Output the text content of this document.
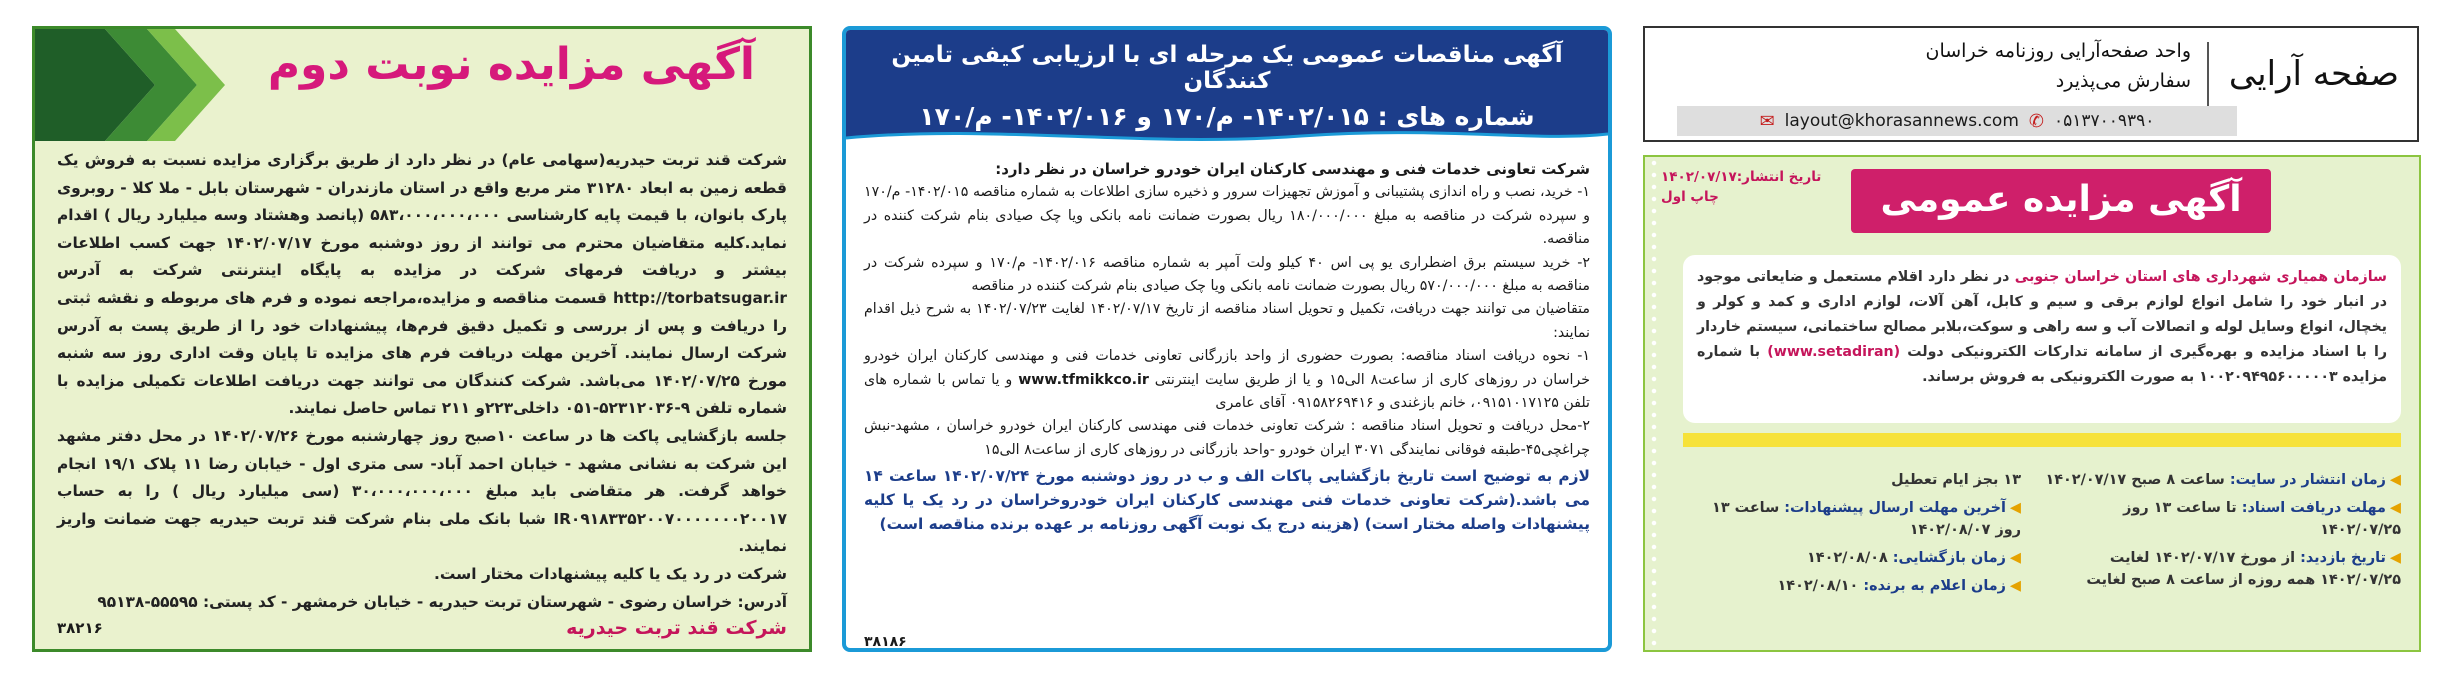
آگهی مزایده نوبت دوم

شرکت قند تربت حیدریه(سهامی عام) در نظر دارد از طریق برگزاری مزایده نسبت به فروش یک قطعه زمین به ابعاد ۳۱۲۸۰ متر مربع واقع در استان مازندران - شهرستان بابل - ملا کلا - روبروی پارک بانوان، با قیمت پایه کارشناسی ۵۸۳،۰۰۰،۰۰۰،۰۰۰ (پانصد وهشتاد وسه میلیارد ریال ) اقدام نماید.کلیه متقاضیان محترم می توانند از روز دوشنبه مورخ ۱۴۰۲/۰۷/۱۷ جهت کسب اطلاعات بیشتر و دریافت فرمهای شرکت در مزایده به پایگاه اینترنتی شرکت به آدرس http://torbatsugar.ir قسمت مناقصه و مزایده،مراجعه نموده و فرم های مربوطه و نقشه ثبتی را دریافت و پس از بررسی و تکمیل دقیق فرم‌ها، پیشنهادات خود را از طریق پست به آدرس شرکت ارسال نمایند. آخرین مهلت دریافت فرم های مزایده تا پایان وقت اداری روز سه شنبه مورخ ۱۴۰۲/۰۷/۲۵ می‌باشد. شرکت کنندگان می توانند جهت دریافت اطلاعات تکمیلی مزایده با شماره تلفن ۹-۵۲۳۱۲۰۳۶-۰۵۱ داخلی۲۲۳و ۲۱۱ تماس حاصل نمایند.

جلسه بازگشایی پاکت ها در ساعت ۱۰صبح روز چهارشنبه مورخ ۱۴۰۲/۰۷/۲۶ در محل دفتر مشهد این شرکت به نشانی مشهد - خیابان احمد آباد- سی متری اول - خیابان رضا ۱۱ پلاک ۱۹/۱ انجام خواهد گرفت. هر متقاضی باید مبلغ ۳۰،۰۰۰،۰۰۰،۰۰۰ (سی میلیارد ریال ) را به حساب IR۰۹۱۸۳۳۵۲۰۰۷۰۰۰۰۰۰۰۲۰۰۱۷ شبا بانک ملی بنام شرکت قند تربت حیدریه جهت ضمانت واریز نمایند.

شرکت در رد یک یا کلیه پیشنهادات مختار است.

آدرس: خراسان رضوی - شهرستان تربت حیدریه - خیابان خرمشهر - کد پستی: ۵۵۵۹۵-۹۵۱۳۸

شرکت قند تربت حیدریه
۳۸۲۱۶
آگهی مناقصات عمومی یک مرحله ای با ارزیابی کیفی تامین کنندگان
شماره های : ۱۴۰۲/۰۱۵- م/۱۷۰ و ۱۴۰۲/۰۱۶- م/۱۷۰

شرکت تعاونی خدمات فنی و مهندسی کارکنان ایران خودرو خراسان در نظر دارد:

۱- خرید، نصب و راه اندازی پشتیبانی و آموزش تجهیزات سرور و ذخیره سازی اطلاعات به شماره مناقصه ۱۴۰۲/۰۱۵- م/۱۷۰ و سپرده شرکت در مناقصه به مبلغ ۱۸۰/۰۰۰/۰۰۰ ریال بصورت ضمانت نامه بانکی ویا چک صیادی بنام شرکت کننده در مناقصه.

۲- خرید سیستم برق اضطراری یو پی اس ۴۰ کیلو ولت آمپر به شماره مناقصه ۱۴۰۲/۰۱۶- م/۱۷۰ و سپرده شرکت در مناقصه به مبلغ ۵۷۰/۰۰۰/۰۰۰ ریال بصورت ضمانت نامه بانکی ویا چک صیادی بنام شرکت کننده در مناقصه

متقاضیان می توانند جهت دریافت، تکمیل و تحویل اسناد مناقصه از تاریخ ۱۴۰۲/۰۷/۱۷ لغایت ۱۴۰۲/۰۷/۲۳ به شرح ذیل اقدام نمایند:

۱- نحوه دریافت اسناد مناقصه: بصورت حضوری از واحد بازرگانی تعاونی خدمات فنی و مهندسی کارکنان ایران خودرو خراسان در روزهای کاری از ساعت۸ الی۱۵ و یا از طریق سایت اینترنتی www.tfmikkco.ir و یا تماس با شماره های تلفن ۰۹۱۵۱۰۱۷۱۲۵، خانم بازغندی و ۰۹۱۵۸۲۶۹۴۱۶ آقای عامری

۲-محل دریافت و تحویل اسناد مناقصه : شرکت تعاونی خدمات فنی مهندسی کارکنان ایران خودرو خراسان ، مشهد-نبش چراغچی۴۵-طبقه فوقانی نمایندگی ۳۰۷۱ ایران خودرو -واحد بازرگانی در روزهای کاری از ساعت۸ الی۱۵

لازم به توضیح است تاریخ بازگشایی پاکات الف و ب در روز دوشنبه مورخ ۱۴۰۲/۰۷/۲۴ ساعت ۱۴ می باشد.(شرکت تعاونی خدمات فنی مهندسی کارکنان ایران خودروخراسان در رد یک یا کلیه پیشنهادات واصله مختار است) (هزینه درج یک نوبت آگهی روزنامه بر عهده برنده مناقصه است)

۳۸۱۸۶
صفحه آرایی
واحد صفحه‌آرایی روزنامه خراسان
سفارش می‌پذیرد
✉ layout@khorasannews.com ✆ ۰۵۱۳۷۰۰۹۳۹۰
آگهی مزایده عمومی
تاریخ انتشار:۱۴۰۲/۰۷/۱۷
چاپ اول
سازمان همیاری شهرداری های استان خراسان جنوبی در نظر دارد اقلام مستعمل و ضایعاتی موجود در انبار خود را شامل انواع لوازم برقی و سیم و کابل، آهن آلات، لوازم اداری و کمد و کولر و یخچال، انواع وسایل لوله و اتصالات آب و سه راهی و سوکت،بلابر مصالح ساختمانی، سیستم خاردار را با اسناد مزایده و بهره‌گیری از سامانه تدارکات الکترونیکی دولت (www.setadiran) با شماره مزایده ۱۰۰۲۰۹۴۹۵۶۰۰۰۰۰۳ به صورت الکترونیکی به فروش برساند.
◀زمان انتشار در سایت: ساعت ۸ صبح ۱۴۰۲/۰۷/۱۷
◀مهلت دریافت اسناد: تا ساعت ۱۳ روز ۱۴۰۲/۰۷/۲۵
◀تاریخ بازدید: از مورخ ۱۴۰۲/۰۷/۱۷ لغایت ۱۴۰۲/۰۷/۲۵ همه روزه از ساعت ۸ صبح لغایت
۱۳ بجز ایام تعطیل
◀آخرین مهلت ارسال پیشنهادات: ساعت ۱۳ روز ۱۴۰۲/۰۸/۰۷
◀زمان بازگشایی: ۱۴۰۲/۰۸/۰۸
◀زمان اعلام به برنده: ۱۴۰۲/۰۸/۱۰
